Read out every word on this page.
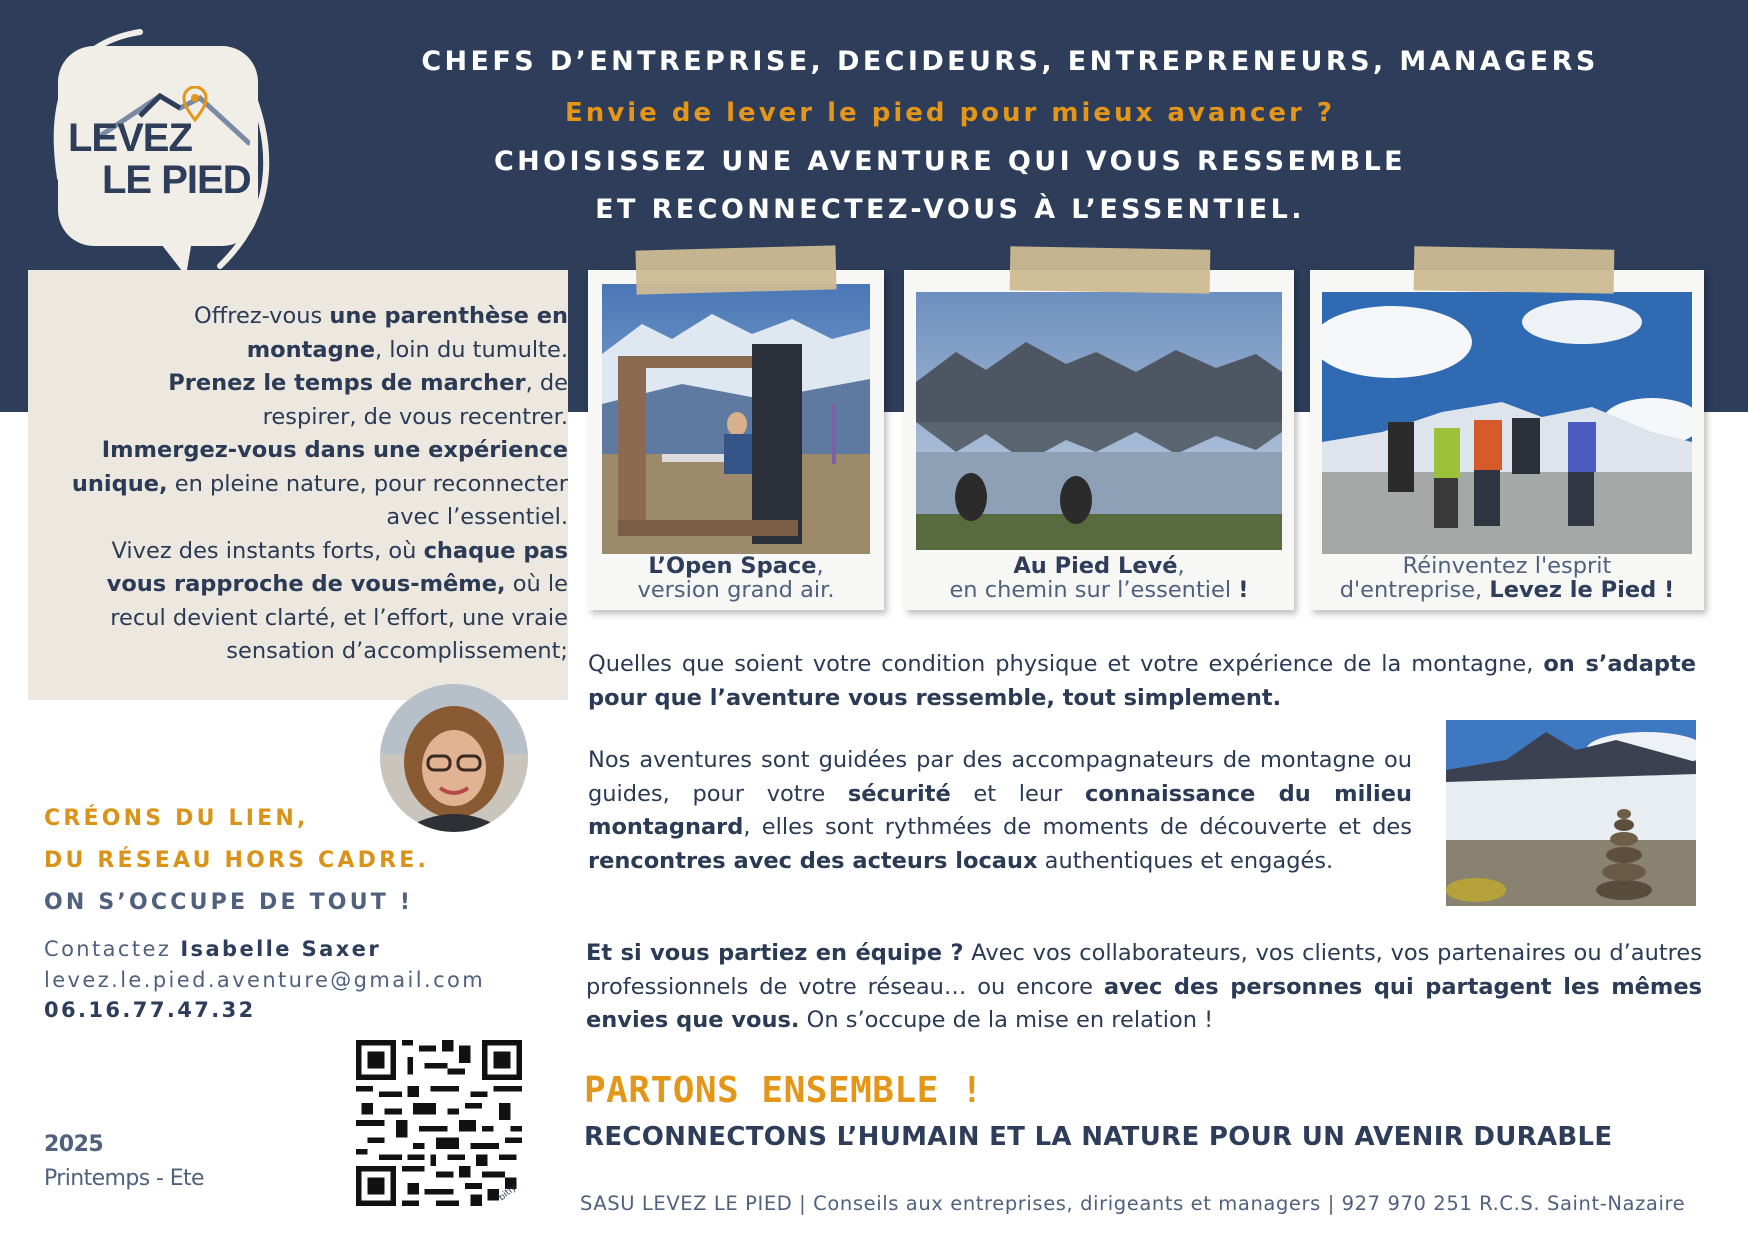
LEVEZ
LE PIED
CHEFS D’ENTREPRISE, DECIDEURS, ENTREPRENEURS, MANAGERS
Envie de lever le pied pour mieux avancer ?
CHOISISSEZ UNE AVENTURE QUI VOUS RESSEMBLE
ET RECONNECTEZ-VOUS À L’ESSENTIEL.
Offrez-vous une parenthèse en montagne, loin du tumulte.
Prenez le temps de marcher, de respirer, de vous recentrer.
Immergez-vous dans une expérience unique, en pleine nature, pour reconnecter avec l’essentiel.
Vivez des instants forts, où chaque pas vous rapproche de vous-même, où le recul devient clarté, et l’effort, une vraie sensation d’accomplissement;
CRÉONS DU LIEN,
DU RÉSEAU HORS CADRE.
ON S’OCCUPE DE TOUT !
Contactez Isabelle Saxer
levez.le.pied.aventure@gmail.com
06.16.77.47.32
bitly
2025
Printemps - Ete
L’Open Space,
version grand air.
Au Pied Levé,
en chemin sur l’essentiel !
Réinventez l'esprit
d'entreprise, Levez le Pied !
Quelles que soient votre condition physique et votre expérience de la montagne, on s’adapte pour que l’aventure vous ressemble, tout simplement.
Nos aventures sont guidées par des accompagnateurs de montagne ou guides, pour votre sécurité et leur connaissance du milieu montagnard, elles sont rythmées de moments de découverte et des rencontres avec des acteurs locaux authentiques et engagés.
Et si vous partiez en équipe ? Avec vos collaborateurs, vos clients, vos partenaires ou d’autres professionnels de votre réseau… ou encore avec des personnes qui partagent les mêmes envies que vous. On s’occupe de la mise en relation !
PARTONS ENSEMBLE !
RECONNECTONS L’HUMAIN ET LA NATURE POUR UN AVENIR DURABLE
SASU LEVEZ LE PIED | Conseils aux entreprises, dirigeants et managers | 927 970 251 R.C.S. Saint-Nazaire
